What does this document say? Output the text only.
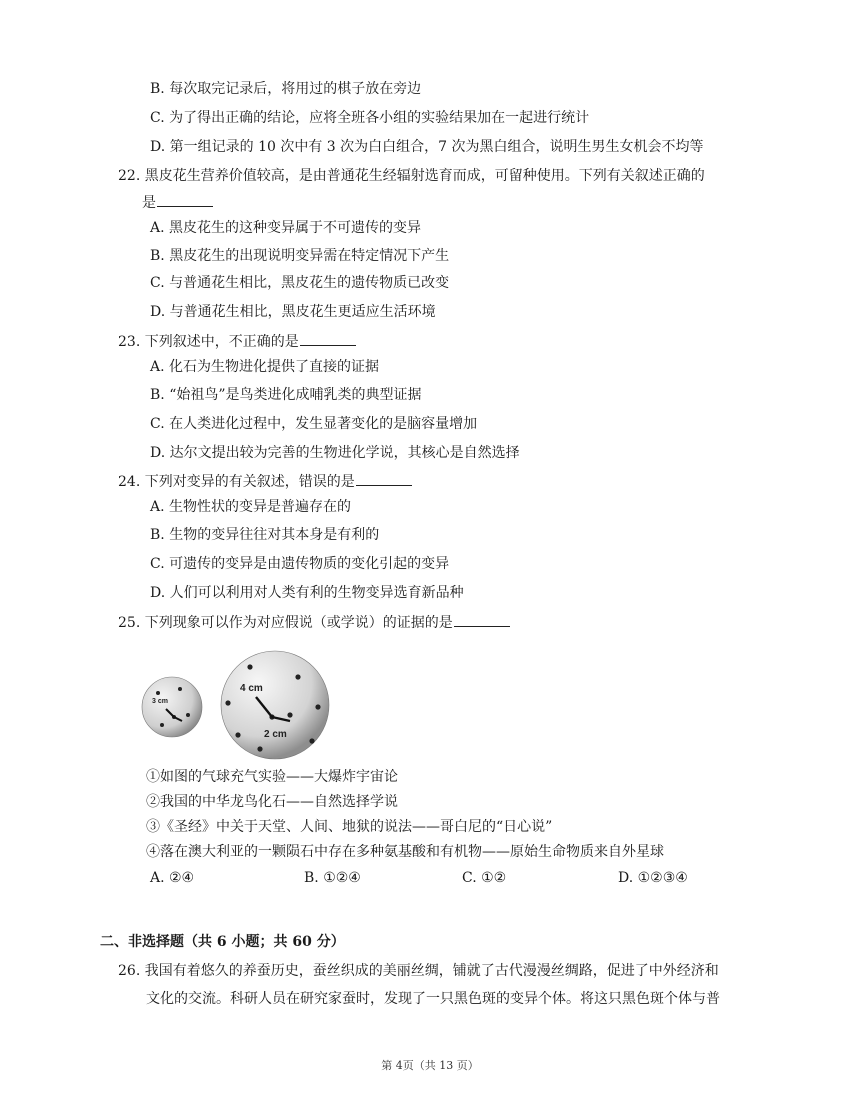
B. 每次取完记录后，将用过的棋子放在旁边
C. 为了得出正确的结论，应将全班各小组的实验结果加在一起进行统计
D. 第一组记录的 10 次中有 3 次为白白组合，7 次为黑白组合，说明生男生女机会不均等
22. 黑皮花生营养价值较高，是由普通花生经辐射选育而成，可留种使用。下列有关叙述正确的
是
A. 黑皮花生的这种变异属于不可遗传的变异
B. 黑皮花生的出现说明变异需在特定情况下产生
C. 与普通花生相比，黑皮花生的遗传物质已改变
D. 与普通花生相比，黑皮花生更适应生活环境
23. 下列叙述中，不正确的是
A. 化石为生物进化提供了直接的证据
B. “始祖鸟”是鸟类进化成哺乳类的典型证据
C. 在人类进化过程中，发生显著变化的是脑容量增加
D. 达尔文提出较为完善的生物进化学说，其核心是自然选择
24. 下列对变异的有关叙述，错误的是
A. 生物性状的变异是普遍存在的
B. 生物的变异往往对其本身是有利的
C. 可遗传的变异是由遗传物质的变化引起的变异
D. 人们可以利用对人类有利的生物变异选育新品种
25. 下列现象可以作为对应假说（或学说）的证据的是
3 cm
4 cm
2 cm
①如图的气球充气实验——大爆炸宇宙论
②我国的中华龙鸟化石——自然选择学说
③《圣经》中关于天堂、人间、地狱的说法——哥白尼的“日心说”
④落在澳大利亚的一颗陨石中存在多种氨基酸和有机物——原始生命物质来自外星球
A. ②④	B. ①②④	C. ①②	D. ①②③④
二、非选择题（共 6 小题；共 60 分）
26. 我国有着悠久的养蚕历史，蚕丝织成的美丽丝绸，铺就了古代漫漫丝绸路，促进了中外经济和
文化的交流。科研人员在研究家蚕时，发现了一只黑色斑的变异个体。将这只黑色斑个体与普
第 4页（共 13 页）
